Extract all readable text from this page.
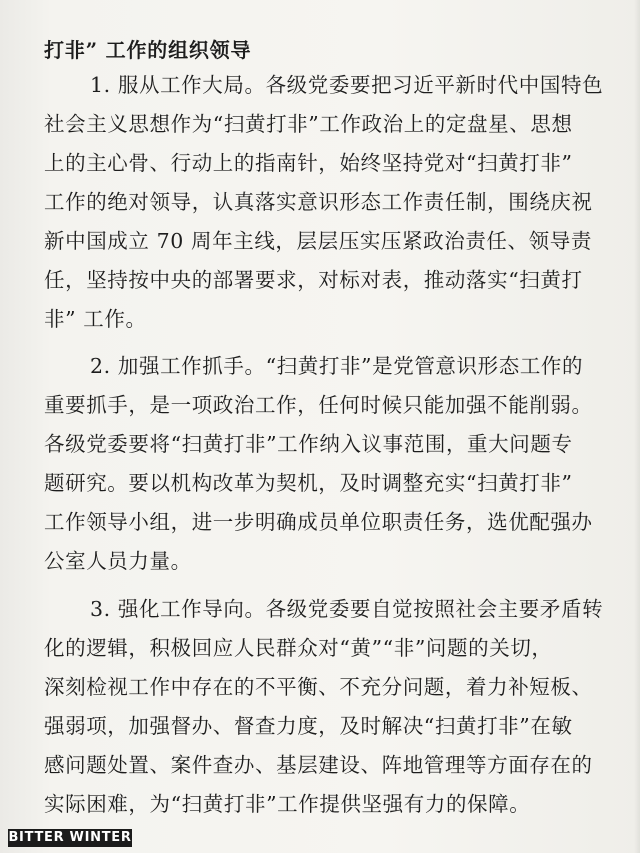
打非” 工作的组织领导
1. 服从工作大局。各级党委要把习近平新时代中国特色
社会主义思想作为“扫黄打非”工作政治上的定盘星、思想
上的主心骨、行动上的指南针，始终坚持党对“扫黄打非”
工作的绝对领导，认真落实意识形态工作责任制，围绕庆祝
新中国成立 70 周年主线，层层压实压紧政治责任、领导责
任，坚持按中央的部署要求，对标对表，推动落实“扫黄打
非” 工作。
2. 加强工作抓手。“扫黄打非”是党管意识形态工作的
重要抓手，是一项政治工作，任何时候只能加强不能削弱。
各级党委要将“扫黄打非”工作纳入议事范围，重大问题专
题研究。要以机构改革为契机，及时调整充实“扫黄打非”
工作领导小组，进一步明确成员单位职责任务，选优配强办
公室人员力量。
3. 强化工作导向。各级党委要自觉按照社会主要矛盾转
化的逻辑，积极回应人民群众对“黄”“非”问题的关切，
深刻检视工作中存在的不平衡、不充分问题，着力补短板、
强弱项，加强督办、督查力度，及时解决“扫黄打非”在敏
感问题处置、案件查办、基层建设、阵地管理等方面存在的
实际困难，为“扫黄打非”工作提供坚强有力的保障。
BITTER WINTER
